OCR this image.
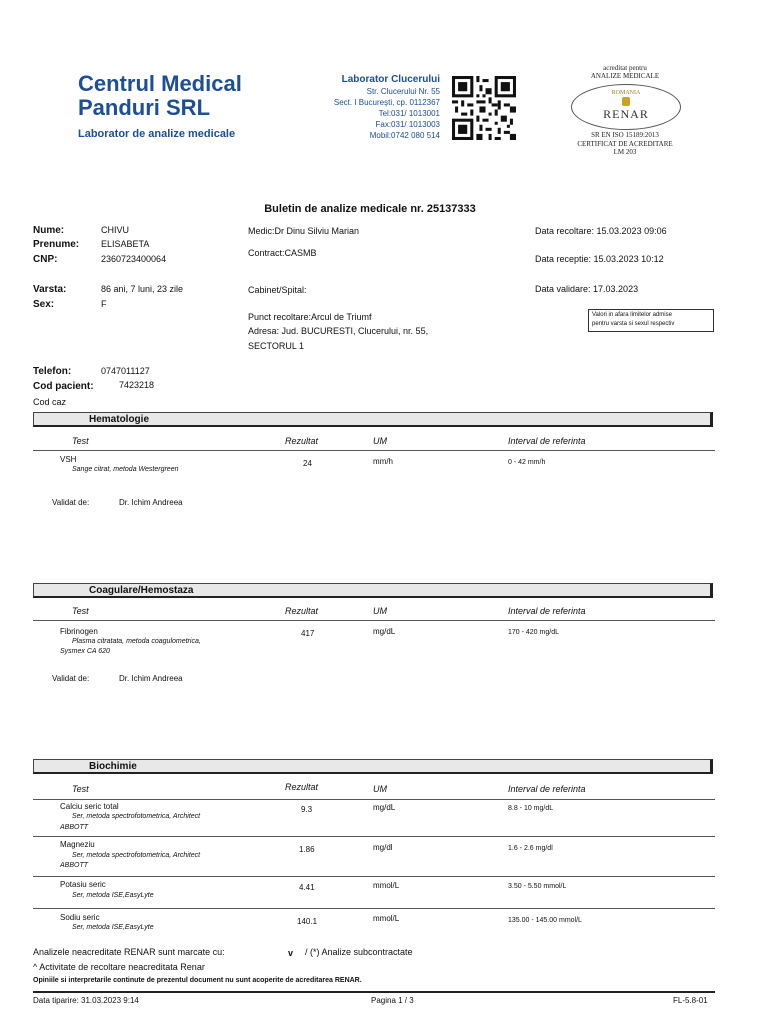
Centrul Medical
Panduri SRL
Laborator de analize medicale
Laborator Clucerului
Str. Clucerului Nr. 55
Sect. I București, cp. 0112367
Tel:031/ 1013001
Fax:031/ 1013003
Mobil:0742 080 514
acreditat pentru
ANALIZE MEDICALE
ROMANIA
RENAR
SR EN ISO 15189:2013
CERTIFICAT DE ACREDITARE
LM 203
Buletin de analize medicale nr. 25137333
Nume:	CHIVU
Prenume: ELISABETA
CNP:	2360723400064
Varsta:	86 ani, 7 luni, 23 zile
Sex:	F
Medic:Dr Dinu Silviu Marian
Contract:CASMB
Cabinet/Spital:
Punct recoltare:Arcul de Triumf
Adresa: Jud. BUCURESTI, Clucerului, nr. 55,
SECTORUL 1
Data recoltare: 15.03.2023 09:06
Data receptie: 15.03.2023 10:12
Data validare: 17.03.2023
Valori in afara limitelor admise
pentru varsta si sexul respectiv
Telefon:	0747011127
Cod pacient:	7423218
Cod caz
Hematologie
Test	Rezultat	UM	Interval de referinta
VSH
Sange citrat, metoda Westergreen
24	mm/h	0 - 42 mm/h
Validat de:	Dr. Ichim Andreea
Coagulare/Hemostaza
Test	Rezultat	UM	Interval de referinta
Fibrinogen
Plasma citratata, metoda coagulometrica,
Sysmex CA 620
417	mg/dL	170 - 420 mg/dL
Validat de:	Dr. Ichim Andreea
Biochimie
Test	Rezultat	UM	Interval de referinta
Calciu seric total
Ser, metoda spectrofotometrica, Architect
ABBOTT
9.3	mg/dL	8.8 - 10 mg/dL
Magneziu
Ser, metoda spectrofotometrica, Architect
ABBOTT
1.86	mg/dl	1.6 - 2.6 mg/dl
Potasiu seric
Ser, metoda ISE,EasyLyte
4.41	mmol/L	3.50 - 5.50 mmol/L
Sodiu seric
Ser, metoda ISE,EasyLyte
140.1	mmol/L	135.00 - 145.00 mmol/L
Analizele neacreditate RENAR sunt marcate cu:	v / (*) Analize subcontractate
^ Activitate de recoltare neacreditata Renar
Opiniile si interpretarile continute de prezentul document nu sunt acoperite de acreditarea RENAR.
Data tiparire: 31.03.2023 9:14	Pagina 1 / 3	FL-5.8-01
